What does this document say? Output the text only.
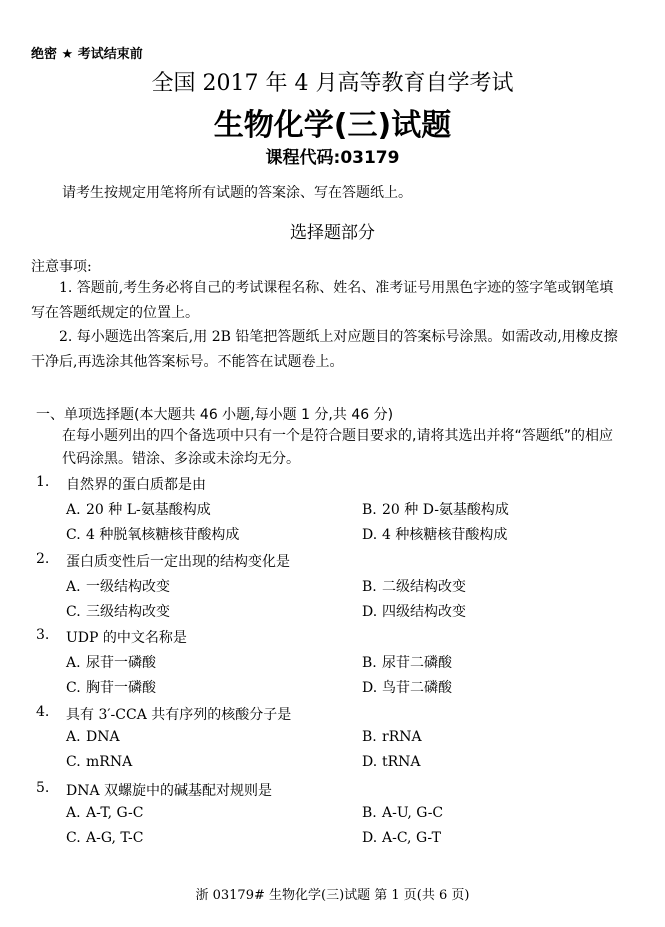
绝密 ★ 考试结束前
全国 2017 年 4 月高等教育自学考试
生物化学(三)试题
课程代码:03179
请考生按规定用笔将所有试题的答案涂、写在答题纸上。
选择题部分
注意事项:
1. 答题前,考生务必将自己的考试课程名称、姓名、准考证号用黑色字迹的签字笔或钢笔填写在答题纸规定的位置上。
2. 每小题选出答案后,用 2B 铅笔把答题纸上对应题目的答案标号涂黑。如需改动,用橡皮擦干净后,再选涂其他答案标号。不能答在试题卷上。
一、单项选择题(本大题共 46 小题,每小题 1 分,共 46 分)
在每小题列出的四个备选项中只有一个是符合题目要求的,请将其选出并将“答题纸”的相应代码涂黑。错涂、多涂或未涂均无分。
1. 自然界的蛋白质都是由
A. 20 种 L-氨基酸构成	B. 20 种 D-氨基酸构成
C. 4 种脱氧核糖核苷酸构成	D. 4 种核糖核苷酸构成
2. 蛋白质变性后一定出现的结构变化是
A. 一级结构改变	B. 二级结构改变
C. 三级结构改变	D. 四级结构改变
3. UDP 的中文名称是
A. 尿苷一磷酸	B. 尿苷二磷酸
C. 胸苷一磷酸	D. 鸟苷二磷酸
4. 具有 3′-CCA 共有序列的核酸分子是
A. DNA	B. rRNA
C. mRNA	D. tRNA
5. DNA 双螺旋中的碱基配对规则是
A. A-T, G-C	B. A-U, G-C
C. A-G, T-C	D. A-C, G-T
浙 03179# 生物化学(三)试题 第 1 页(共 6 页)
